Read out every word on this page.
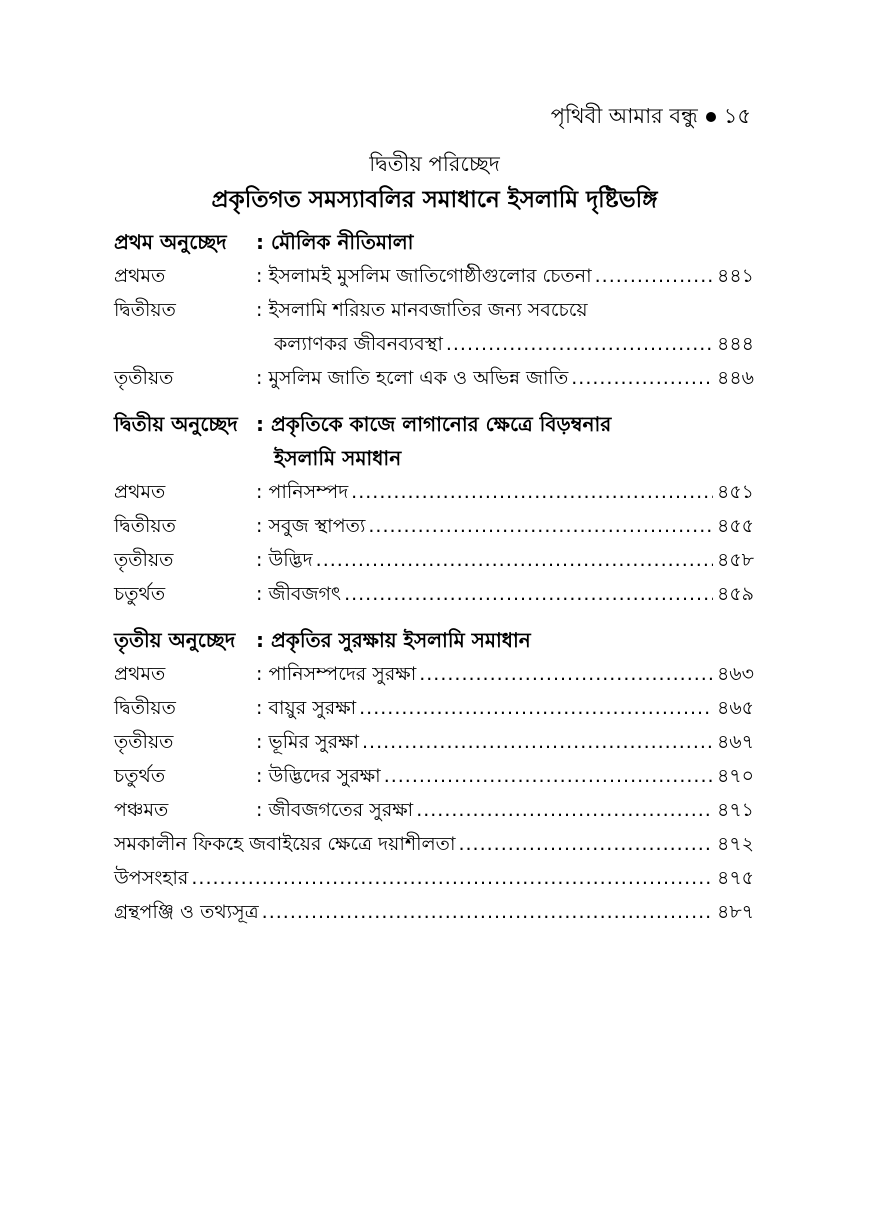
পৃথিবী আমার বন্ধু ১৫
দ্বিতীয় পরিচ্ছেদ
প্রকৃতিগত সমস্যাবলির সমাধানে ইসলামি দৃষ্টিভঙ্গি
প্রথম অনুচ্ছেদ	: মৌলিক নীতিমালা
প্রথমত	: ইসলামই মুসলিম জাতিগোষ্ঠীগুলোর চেতনা .....	৪৪১
দ্বিতীয়ত	: ইসলামি শরিয়ত মানবজাতির জন্য সবচেয়ে
কল্যাণকর জীবনব্যবস্থা .....	৪৪৪
তৃতীয়ত	: মুসলিম জাতি হলো এক ও অভিন্ন জাতি .....	৪৪৬
দ্বিতীয় অনুচ্ছেদ : প্রকৃতিকে কাজে লাগানোর ক্ষেত্রে বিড়ম্বনার
ইসলামি সমাধান
প্রথমত	: পানিসম্পদ .....	৪৫১
দ্বিতীয়ত	: সবুজ স্থাপত্য .....	৪৫৫
তৃতীয়ত	: উদ্ভিদ .....	৪৫৮
চতুর্থত	: জীবজগৎ .....	৪৫৯
তৃতীয় অনুচ্ছেদ	: প্রকৃতির সুরক্ষায় ইসলামি সমাধান
প্রথমত	: পানিসম্পদের সুরক্ষা .....	৪৬৩
দ্বিতীয়ত	: বায়ুর সুরক্ষা .....	৪৬৫
তৃতীয়ত	: ভূমির সুরক্ষা .....	৪৬৭
চতুর্থত	: উদ্ভিদের সুরক্ষা .....	৪৭০
পঞ্চমত	: জীবজগতের সুরক্ষা .....	৪৭১
সমকালীন ফিকহে জবাইয়ের ক্ষেত্রে দয়াশীলতা .....	৪৭২
উপসংহার .....	৪৭৫
গ্রন্থপঞ্জি ও তথ্যসূত্র .....	৪৮৭
